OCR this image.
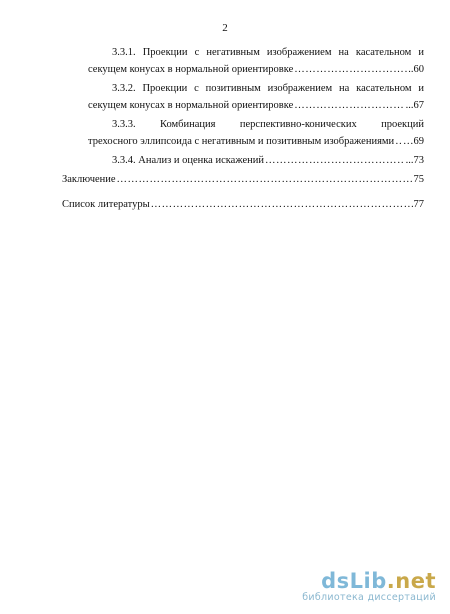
2
3.3.1. Проекции с негативным изображением на касательном и
секущем конусах в нормальной ориентировке ……………………………………………………………………………………………………………………	..60
3.3.2. Проекции с позитивным изображением на касательном и
секущем конусах в нормальной ориентировке ……………………………………………………………………………………………………………………	...67
3.3.3. Комбинация перспективно-конических проекций
трехосного эллипсоида с негативным и позитивным изображениями …………………………………………………………………………………………………………………… …69
3.3.4. Анализ и оценка искажений ……………………………………………………………………………………………………………………	...73
Заключение ……………………………………………………………………………………………………………………	75
Список литературы ……………………………………………………………………………………………………………………	77
dsLib.net
библиотека диссертаций
